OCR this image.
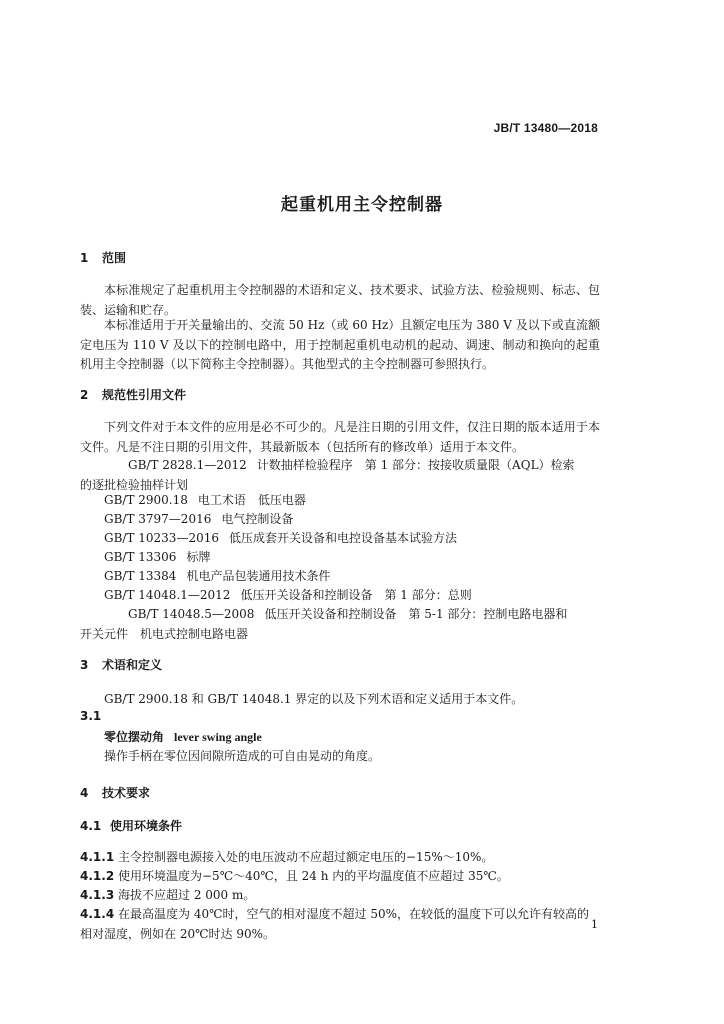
JB/T 13480—2018
起重机用主令控制器
1 范围
本标准规定了起重机用主令控制器的术语和定义、技术要求、试验方法、检验规则、标志、包装、运输和贮存。
本标准适用于开关量输出的、交流 50 Hz（或 60 Hz）且额定电压为 380 V 及以下或直流额定电压为 110 V 及以下的控制电路中，用于控制起重机电动机的起动、调速、制动和换向的起重机用主令控制器（以下简称主令控制器）。其他型式的主令控制器可参照执行。
2 规范性引用文件
下列文件对于本文件的应用是必不可少的。凡是注日期的引用文件，仅注日期的版本适用于本文件。凡是不注日期的引用文件，其最新版本（包括所有的修改单）适用于本文件。
GB/T 2828.1—2012 计数抽样检验程序　第 1 部分：按接收质量限（AQL）检索的逐批检验抽样计划
GB/T 2900.18 电工术语　低压电器
GB/T 3797—2016 电气控制设备
GB/T 10233—2016 低压成套开关设备和电控设备基本试验方法
GB/T 13306 标牌
GB/T 13384 机电产品包装通用技术条件
GB/T 14048.1—2012 低压开关设备和控制设备　第 1 部分：总则
GB/T 14048.5—2008 低压开关设备和控制设备　第 5-1 部分：控制电路电器和开关元件　机电式控制电路电器
3 术语和定义
GB/T 2900.18 和 GB/T 14048.1 界定的以及下列术语和定义适用于本文件。
3.1
零位摆动角 lever swing angle
操作手柄在零位因间隙所造成的可自由晃动的角度。
4 技术要求
4.1 使用环境条件
4.1.1 主令控制器电源接入处的电压波动不应超过额定电压的−15%～10%。
4.1.2 使用环境温度为−5℃～40℃，且 24 h 内的平均温度值不应超过 35℃。
4.1.3 海拔不应超过 2 000 m。
4.1.4 在最高温度为 40℃时，空气的相对湿度不超过 50%，在较低的温度下可以允许有较高的相对湿度，例如在 20℃时达 90%。
1
